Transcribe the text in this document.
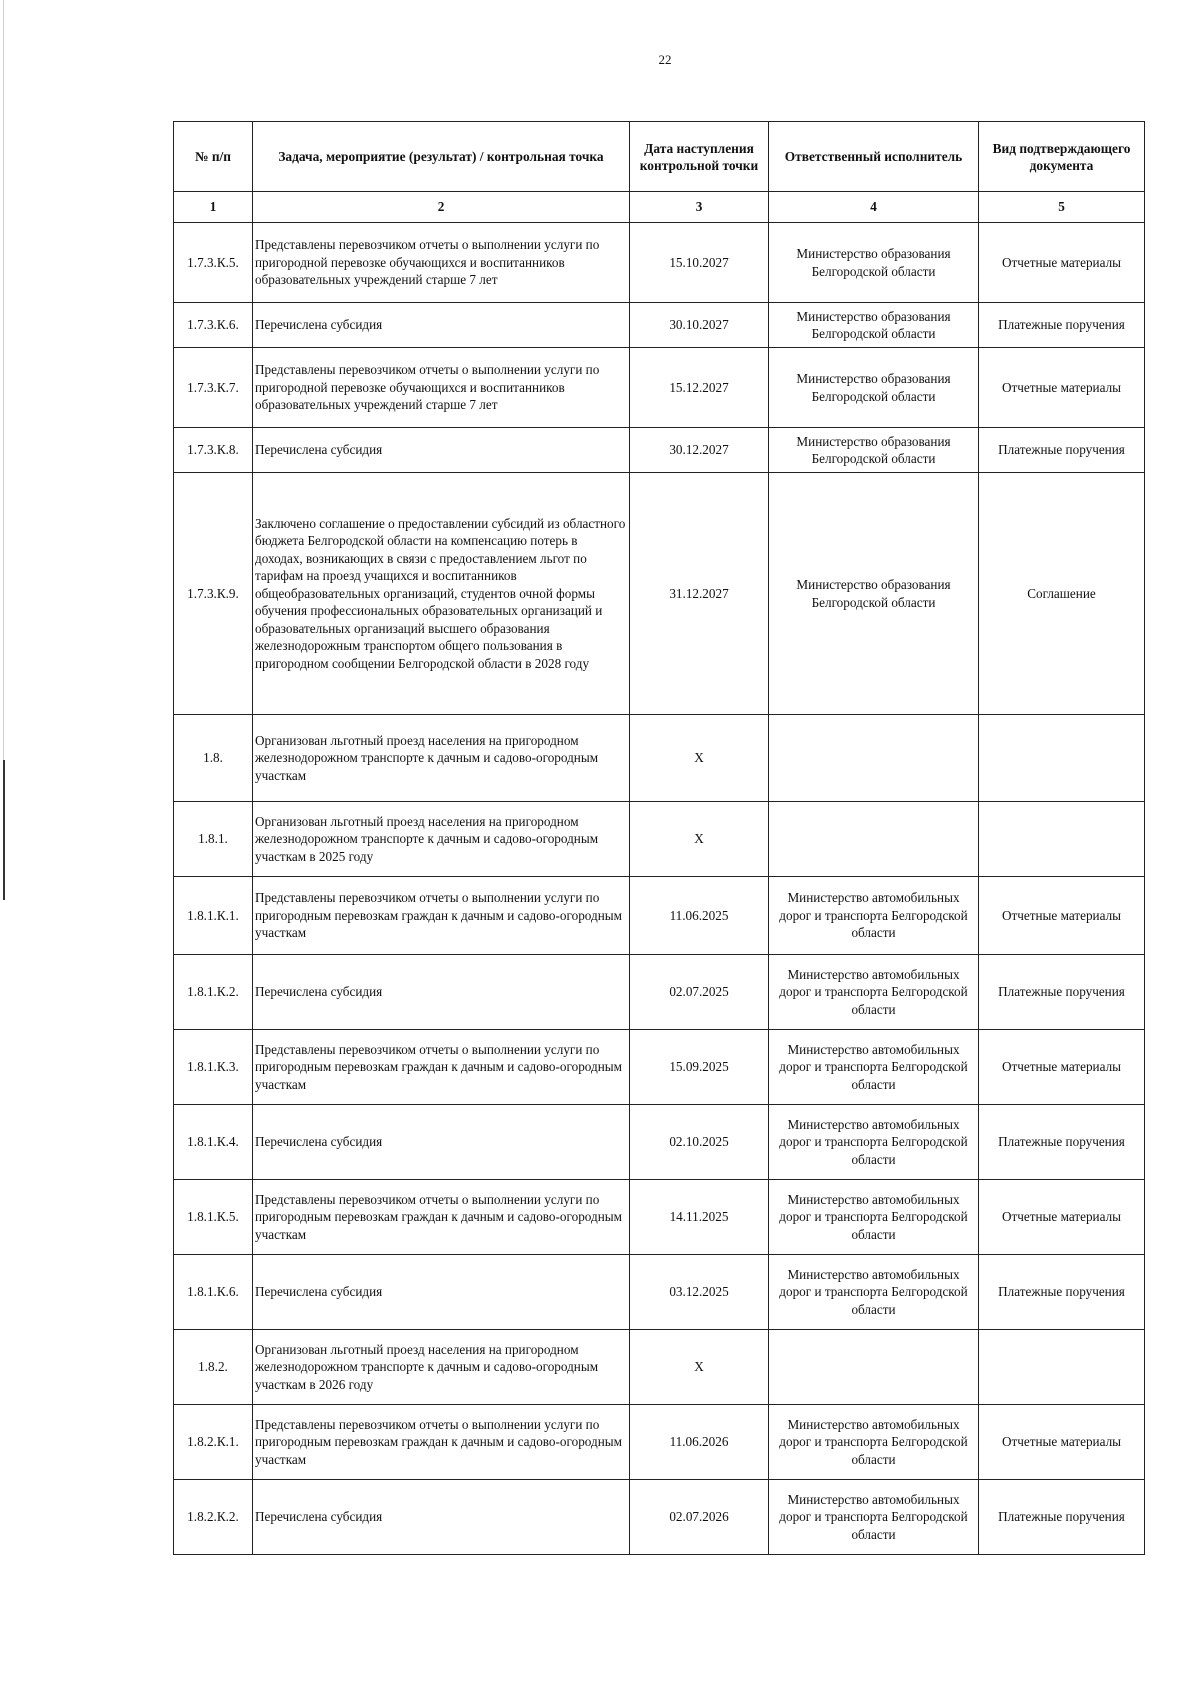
22
№ п/п	Задача, мероприятие (результат) / контрольная точка	Дата наступления контрольной точки	Ответственный исполнитель	Вид подтверждающего документа
1	2	3	4	5
1.7.3.К.5.	Представлены перевозчиком отчеты о выполнении услуги по пригородной перевозке обучающихся и воспитанников образовательных учреждений старше 7 лет	15.10.2027	Министерство образования Белгородской области	Отчетные материалы
1.7.3.К.6.	Перечислена субсидия	30.10.2027	Министерство образования Белгородской области	Платежные поручения
1.7.3.К.7.	Представлены перевозчиком отчеты о выполнении услуги по пригородной перевозке обучающихся и воспитанников образовательных учреждений старше 7 лет	15.12.2027	Министерство образования Белгородской области	Отчетные материалы
1.7.3.К.8.	Перечислена субсидия	30.12.2027	Министерство образования Белгородской области	Платежные поручения
1.7.3.К.9.	Заключено соглашение о предоставлении субсидий из областного бюджета Белгородской области на компенсацию потерь в доходах, возникающих в связи с предоставлением льгот по тарифам на проезд учащихся и воспитанников общеобразовательных организаций, студентов очной формы обучения профессиональных образовательных организаций и образовательных организаций высшего образования железнодорожным транспортом общего пользования в пригородном сообщении Белгородской области в 2028 году	31.12.2027	Министерство образования Белгородской области	Соглашение
1.8.	Организован льготный проезд населения на пригородном железнодорожном транспорте к дачным и садово-огородным участкам	Х		
1.8.1.	Организован льготный проезд населения на пригородном железнодорожном транспорте к дачным и садово-огородным участкам в 2025 году	Х		
1.8.1.К.1.	Представлены перевозчиком отчеты о выполнении услуги по пригородным перевозкам граждан к дачным и садово-огородным участкам	11.06.2025	Министерство автомобильных дорог и транспорта Белгородской области	Отчетные материалы
1.8.1.К.2.	Перечислена субсидия	02.07.2025	Министерство автомобильных дорог и транспорта Белгородской области	Платежные поручения
1.8.1.К.3.	Представлены перевозчиком отчеты о выполнении услуги по пригородным перевозкам граждан к дачным и садово-огородным участкам	15.09.2025	Министерство автомобильных дорог и транспорта Белгородской области	Отчетные материалы
1.8.1.К.4.	Перечислена субсидия	02.10.2025	Министерство автомобильных дорог и транспорта Белгородской области	Платежные поручения
1.8.1.К.5.	Представлены перевозчиком отчеты о выполнении услуги по пригородным перевозкам граждан к дачным и садово-огородным участкам	14.11.2025	Министерство автомобильных дорог и транспорта Белгородской области	Отчетные материалы
1.8.1.К.6.	Перечислена субсидия	03.12.2025	Министерство автомобильных дорог и транспорта Белгородской области	Платежные поручения
1.8.2.	Организован льготный проезд населения на пригородном железнодорожном транспорте к дачным и садово-огородным участкам в 2026 году	Х		
1.8.2.К.1.	Представлены перевозчиком отчеты о выполнении услуги по пригородным перевозкам граждан к дачным и садово-огородным участкам	11.06.2026	Министерство автомобильных дорог и транспорта Белгородской области	Отчетные материалы
1.8.2.К.2.	Перечислена субсидия	02.07.2026	Министерство автомобильных дорог и транспорта Белгородской области	Платежные поручения
